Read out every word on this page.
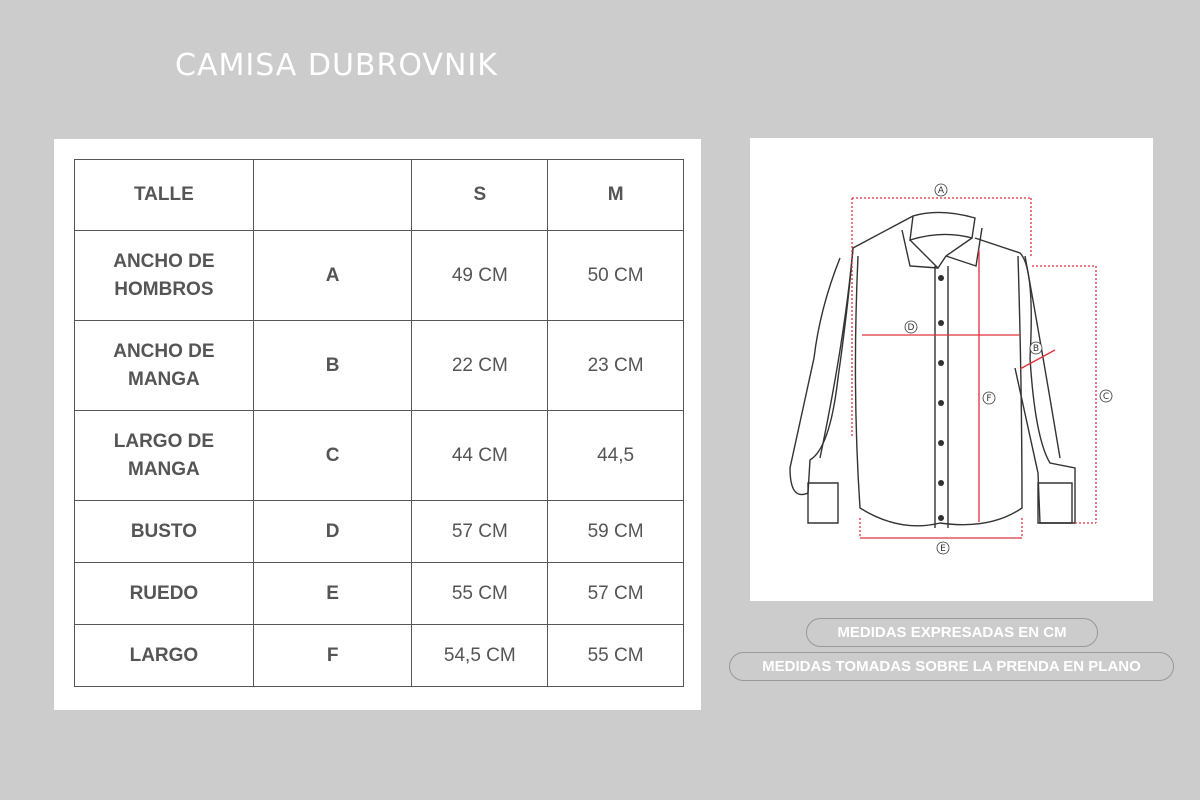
CAMISA DUBROVNIK
TALLE		S	M
ANCHO DE
HOMBROS	A	49 CM	50 CM
ANCHO DE
MANGA	B	22 CM	23 CM
LARGO DE
MANGA	C	44 CM	44,5
BUSTO	D	57 CM	59 CM
RUEDO	E	55 CM	57 CM
LARGO	F	54,5 CM	55 CM
A
B
C
D
E
F
MEDIDAS EXPRESADAS EN CM
MEDIDAS TOMADAS SOBRE LA PRENDA EN PLANO
